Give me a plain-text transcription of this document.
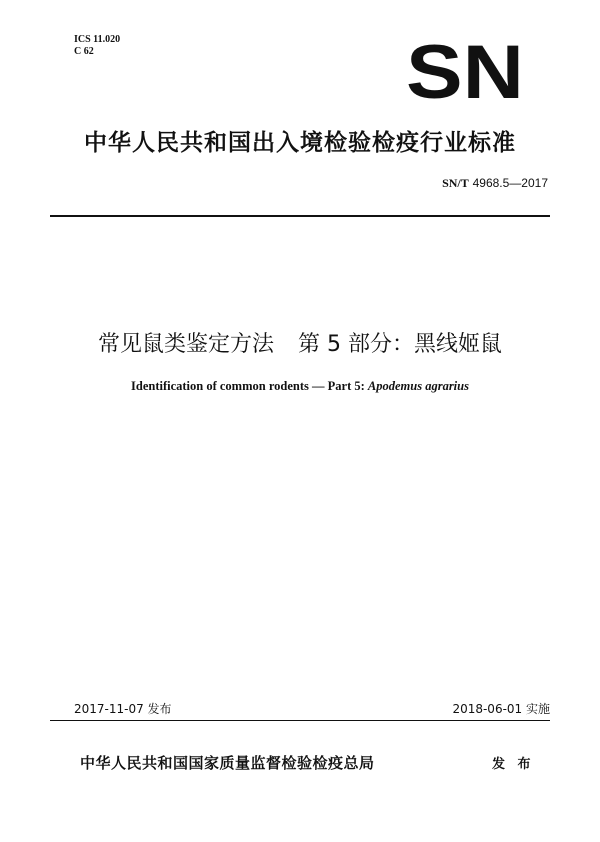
ICS 11.020
C 62	SN
中华人民共和国出入境检验检疫行业标准
SN/T 4968.5—2017
常见鼠类鉴定方法 第 5 部分：黑线姬鼠
Identification of common rodents — Part 5: Apodemus agrarius
2017-11-07 发布	2018-06-01 实施
中华人民共和国国家质量监督检验检疫总局	发 布
